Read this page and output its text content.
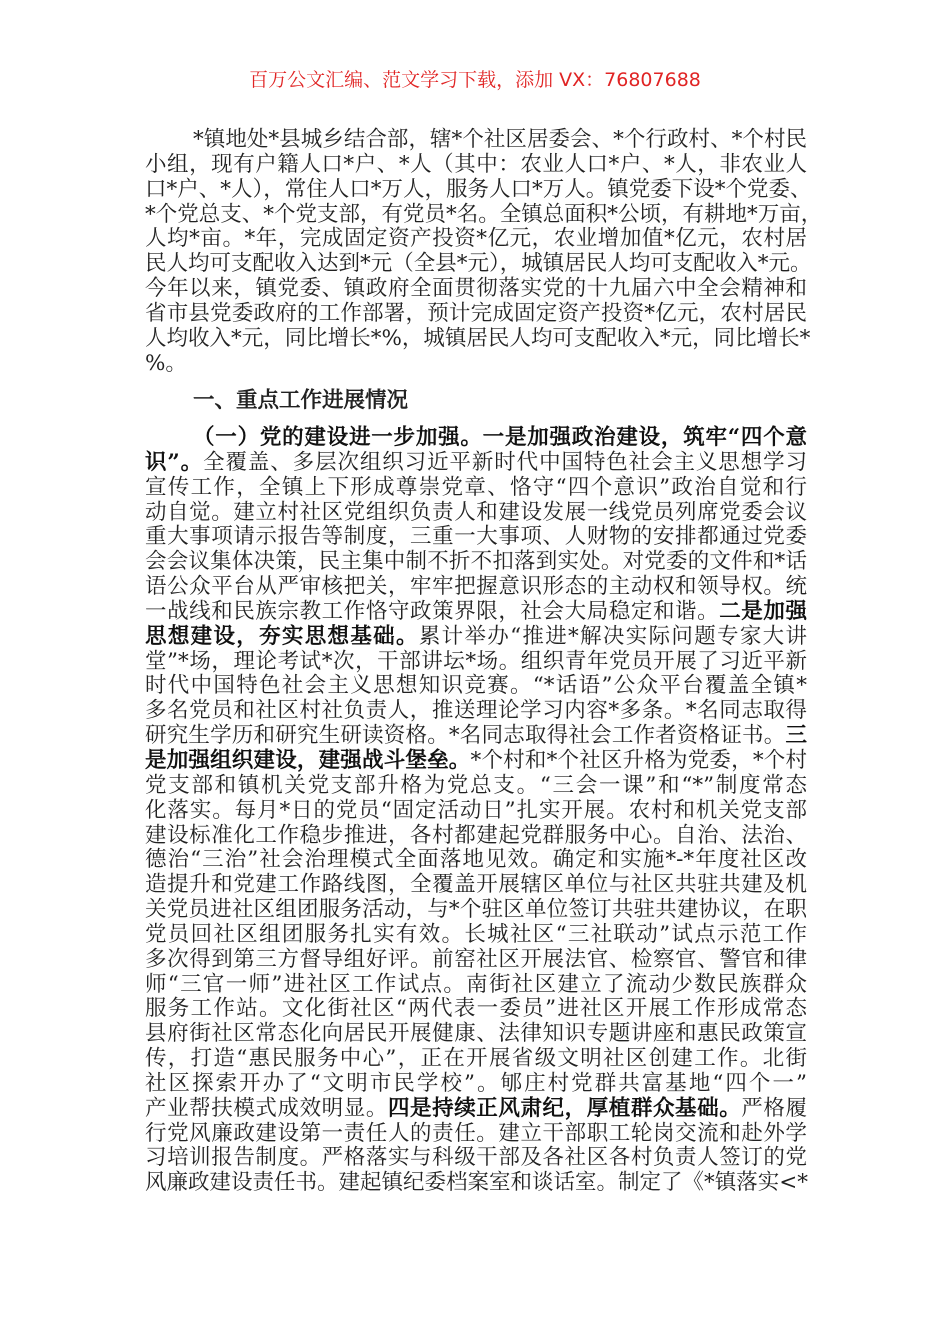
百万公文汇编、范文学习下载，添加 VX：76807688
*镇地处*县城乡结合部，辖*个社区居委会、*个行政村、*个村民
小组，现有户籍人口*户、*人（其中：农业人口*户、*人，非农业人
口*户、*人），常住人口*万人，服务人口*万人。镇党委下设*个党委、
*个党总支、*个党支部，有党员*名。全镇总面积*公顷，有耕地*万亩，
人均*亩。*年，完成固定资产投资*亿元，农业增加值*亿元，农村居
民人均可支配收入达到*元（全县*元），城镇居民人均可支配收入*元。
今年以来，镇党委、镇政府全面贯彻落实党的十九届六中全会精神和
省市县党委政府的工作部署，预计完成固定资产投资*亿元，农村居民
人均收入*元，同比增长*%，城镇居民人均可支配收入*元，同比增长*
%。
一、重点工作进展情况
（一）党的建设进一步加强。一是加强政治建设，筑牢“四个意
识”。全覆盖、多层次组织习近平新时代中国特色社会主义思想学习
宣传工作，全镇上下形成尊崇党章、恪守“四个意识”政治自觉和行
动自觉。建立村社区党组织负责人和建设发展一线党员列席党委会议
重大事项请示报告等制度，三重一大事项、人财物的安排都通过党委
会会议集体决策，民主集中制不折不扣落到实处。对党委的文件和*话
语公众平台从严审核把关，牢牢把握意识形态的主动权和领导权。统
一战线和民族宗教工作恪守政策界限，社会大局稳定和谐。二是加强
思想建设，夯实思想基础。累计举办“推进*解决实际问题专家大讲
堂”*场，理论考试*次，干部讲坛*场。组织青年党员开展了习近平新
时代中国特色社会主义思想知识竞赛。“*话语”公众平台覆盖全镇*
多名党员和社区村社负责人，推送理论学习内容*多条。*名同志取得
研究生学历和研究生研读资格。*名同志取得社会工作者资格证书。三
是加强组织建设，建强战斗堡垒。*个村和*个社区升格为党委，*个村
党支部和镇机关党支部升格为党总支。“三会一课”和“*”制度常态
化落实。每月*日的党员“固定活动日”扎实开展。农村和机关党支部
建设标准化工作稳步推进，各村都建起党群服务中心。自治、法治、
德治“三治”社会治理模式全面落地见效。确定和实施*-*年度社区改
造提升和党建工作路线图，全覆盖开展辖区单位与社区共驻共建及机
关党员进社区组团服务活动，与*个驻区单位签订共驻共建协议，在职
党员回社区组团服务扎实有效。长城社区“三社联动”试点示范工作
多次得到第三方督导组好评。前窑社区开展法官、检察官、警官和律
师“三官一师”进社区工作试点。南街社区建立了流动少数民族群众
服务工作站。文化街社区“两代表一委员”进社区开展工作形成常态
县府街社区常态化向居民开展健康、法律知识专题讲座和惠民政策宣
传，打造“惠民服务中心”，正在开展省级文明社区创建工作。北街
社区探索开办了“文明市民学校”。郇庄村党群共富基地“四个一”
产业帮扶模式成效明显。四是持续正风肃纪，厚植群众基础。严格履
行党风廉政建设第一责任人的责任。建立干部职工轮岗交流和赴外学
习培训报告制度。严格落实与科级干部及各社区各村负责人签订的党
风廉政建设责任书。建起镇纪委档案室和谈话室。制定了《*镇落实<*
